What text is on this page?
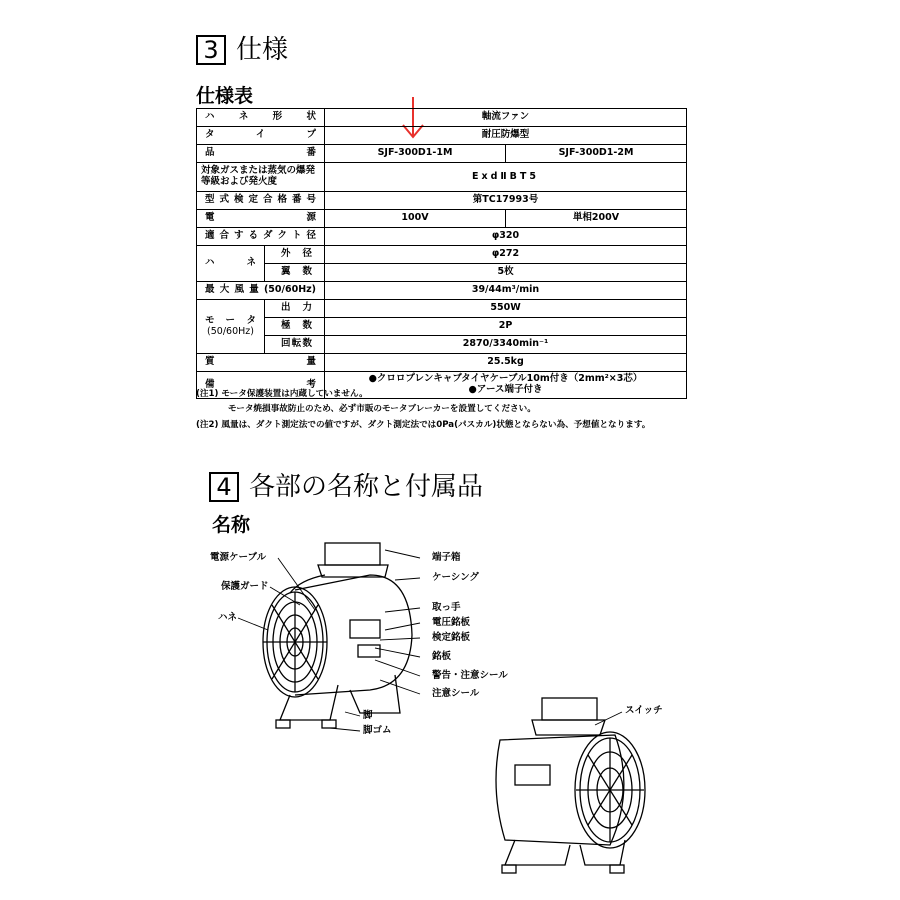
3 仕様
仕様表
ハネ形状		軸流ファン	
タイプ		耐圧防爆型	
品番		SJF-300D1-1M	SJF-300D1-2M
対象ガスまたは蒸気の爆発等級および発火度		ExdⅡBT5	
型式検定合格番号		第TC17993号	
電源		100V	単相200V
適合するダクト径		φ320	
ハネ	外径	φ272	
	翼数	5枚	
最大風量(50/60Hz)		39/44m³/min	

モータ
(50/60Hz)	出力	550W	
	極数	2P	
	回転数	2870/3340min⁻¹	
質量		25.5kg	
備考		●クロロプレンキャブタイヤケーブル10m付き（2mm²×3芯）
●アース端子付き	
(注1) モータ保護装置は内蔵していません。
モータ焼損事故防止のため、必ず市販のモータブレーカーを設置してください。
(注2) 風量は、ダクト測定法での値ですが、ダクト測定法では0Pa(パスカル)状態とならない為、予想値となります。
4 各部の名称と付属品
名称
電源ケーブル
保護ガード
ハネ
端子箱
ケーシング
取っ手
電圧銘板
検定銘板
銘板
警告・注意シール
注意シール
脚
脚ゴム
スイッチ
